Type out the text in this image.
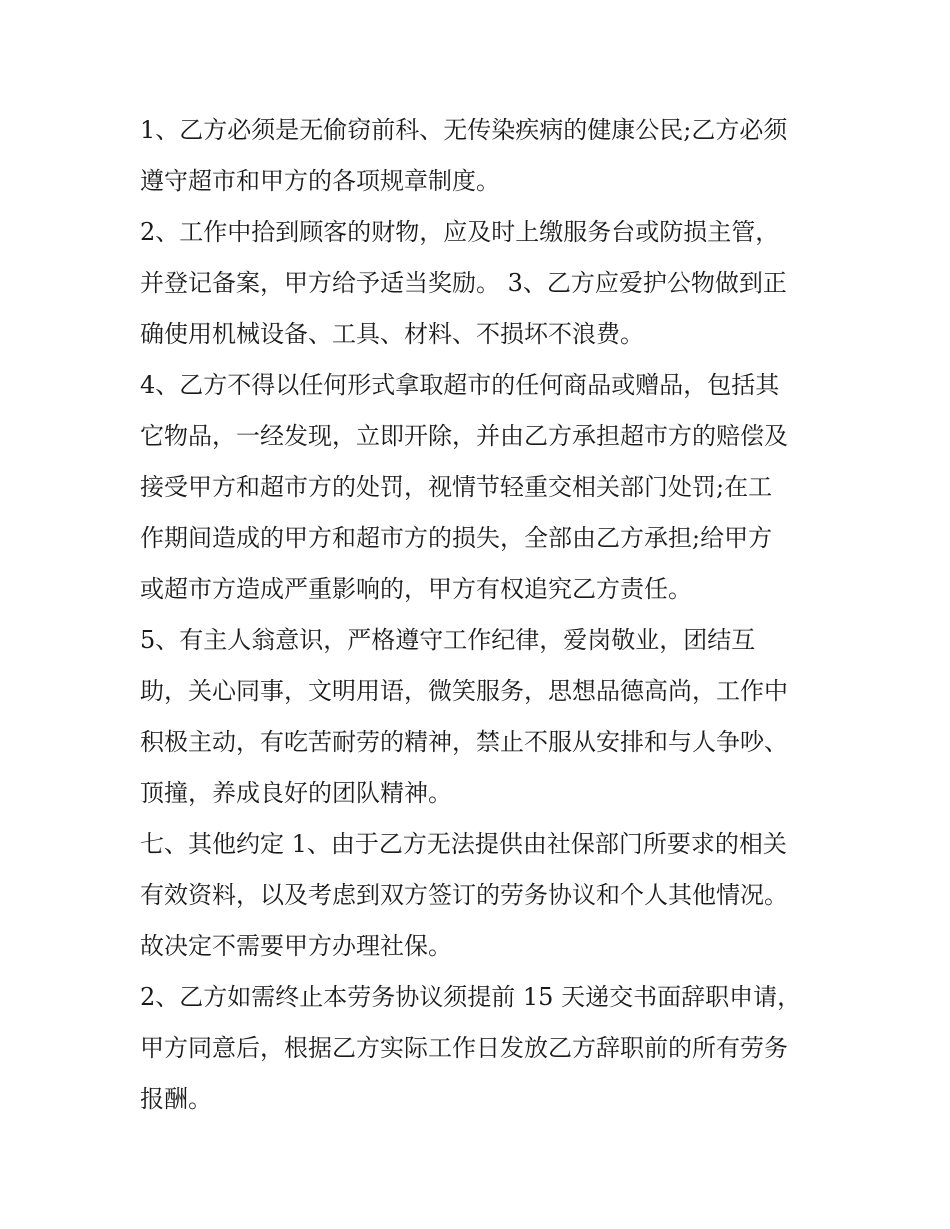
1、乙方必须是无偷窃前科、无传染疾病的健康公民;乙方必须
遵守超市和甲方的各项规章制度。
2、工作中拾到顾客的财物，应及时上缴服务台或防损主管，
并登记备案，甲方给予适当奖励。 3、乙方应爱护公物做到正
确使用机械设备、工具、材料、不损坏不浪费。
4、乙方不得以任何形式拿取超市的任何商品或赠品，包括其
它物品，一经发现，立即开除，并由乙方承担超市方的赔偿及
接受甲方和超市方的处罚，视情节轻重交相关部门处罚;在工
作期间造成的甲方和超市方的损失，全部由乙方承担;给甲方
或超市方造成严重影响的，甲方有权追究乙方责任。
5、有主人翁意识，严格遵守工作纪律，爱岗敬业，团结互
助，关心同事，文明用语，微笑服务，思想品德高尚，工作中
积极主动，有吃苦耐劳的精神，禁止不服从安排和与人争吵、
顶撞，养成良好的团队精神。
七、其他约定 1、由于乙方无法提供由社保部门所要求的相关
有效资料，以及考虑到双方签订的劳务协议和个人其他情况。
故决定不需要甲方办理社保。
2、乙方如需终止本劳务协议须提前 15 天递交书面辞职申请，
甲方同意后，根据乙方实际工作日发放乙方辞职前的所有劳务
报酬。
